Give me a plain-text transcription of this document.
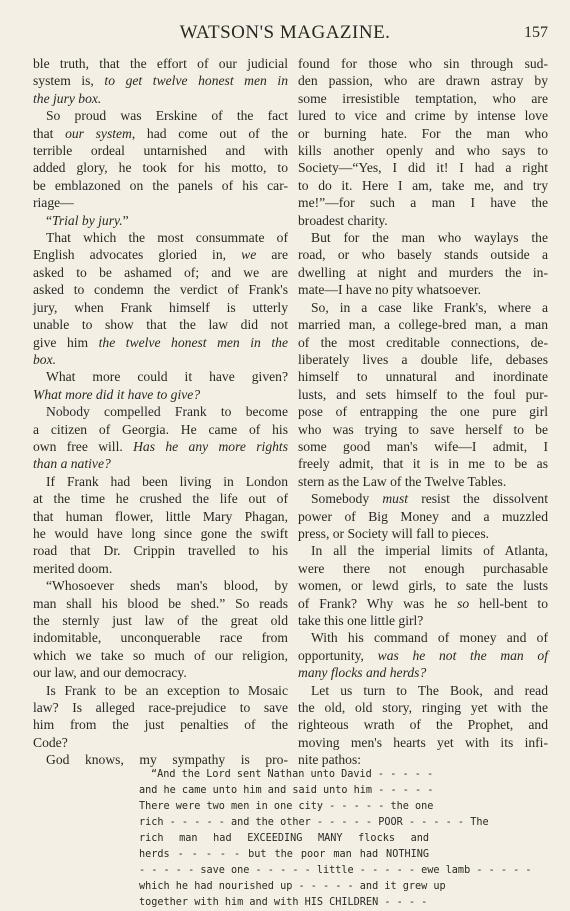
WATSON'S MAGAZINE.	157
ble truth, that the effort of our judicial
system is, to get twelve honest men in
the jury box.
So proud was Erskine of the fact
that our system, had come out of the
terrible ordeal untarnished and with
added glory, he took for his motto, to
be emblazoned on the panels of his car-
riage—
“Trial by jury.”
That which the most consummate of
English advocates gloried in, we are
asked to be ashamed of; and we are
asked to condemn the verdict of Frank's
jury, when Frank himself is utterly
unable to show that the law did not
give him the twelve honest men in the
box.
What more could it have given?
What more did it have to give?
Nobody compelled Frank to become
a citizen of Georgia. He came of his
own free will. Has he any more rights
than a native?
If Frank had been living in London
at the time he crushed the life out of
that human flower, little Mary Phagan,
he would have long since gone the swift
road that Dr. Crippin travelled to his
merited doom.
“Whosoever sheds man's blood, by
man shall his blood be shed.” So reads
the sternly just law of the great old
indomitable, unconquerable race from
which we take so much of our religion,
our law, and our democracy.
Is Frank to be an exception to Mosaic
law? Is alleged race-prejudice to save
him from the just penalties of the
Code?
God knows, my sympathy is pro-
found for those who sin through sud-
den passion, who are drawn astray by
some irresistible temptation, who are
lured to vice and crime by intense love
or burning hate. For the man who
kills another openly and who says to
Society—“Yes, I did it! I had a right
to do it. Here I am, take me, and try
me!”—for such a man I have the
broadest charity.
But for the man who waylays the
road, or who basely stands outside a
dwelling at night and murders the in-
mate—I have no pity whatsoever.
So, in a case like Frank's, where a
married man, a college-bred man, a man
of the most creditable connections, de-
liberately lives a double life, debases
himself to unnatural and inordinate
lusts, and sets himself to the foul pur-
pose of entrapping the one pure girl
who was trying to save herself to be
some good man's wife—I admit, I
freely admit, that it is in me to be as
stern as the Law of the Twelve Tables.
Somebody must resist the dissolvent
power of Big Money and a muzzled
press, or Society will fall to pieces.
In all the imperial limits of Atlanta,
were there not enough purchasable
women, or lewd girls, to sate the lusts
of Frank? Why was he so hell-bent to
take this one little girl?
With his command of money and of
opportunity, was he not the man of
many flocks and herds?
Let us turn to The Book, and read
the old, old story, ringing yet with the
righteous wrath of the Prophet, and
moving men's hearts yet with its infi-
nite pathos:
“And the Lord sent Nathan unto David - - - - -
and he came unto him and said unto him - - - - -
There were two men in one city - - - - - the one
rich - - - - - and the other - - - - - POOR - - - - - The
rich man had EXCEEDING MANY flocks and
herds - - - - - but the poor man had NOTHING
- - - - - save one - - - - - little - - - - - ewe lamb - - - - -
which he had nourished up - - - - - and it grew up
together with him and with HIS CHILDREN - - - -
